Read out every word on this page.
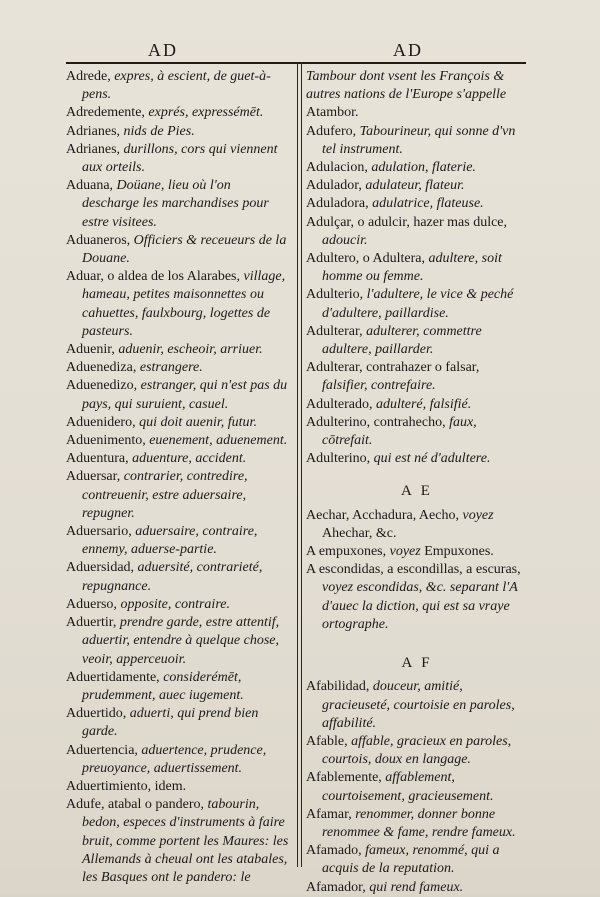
AD	AD

Adrede, expres, à escient, de guet-à-pens.

Adredemente, exprés, expressémēt.

Adrianes, nids de Pies.

Adrianes, durillons, cors qui viennent aux orteils.

Aduana, Doüane, lieu où l'on descharge les marchandises pour estre visitees.

Aduaneros, Officiers & receueurs de la Douane.

Aduar, o aldea de los Alarabes, village, hameau, petites maisonnettes ou cahuettes, faulxbourg, logettes de pasteurs.

Aduenir, aduenir, escheoir, arriuer.

Aduenediza, estrangere.

Aduenedizo, estranger, qui n'est pas du pays, qui suruient, casuel.

Aduenidero, qui doit auenir, futur.

Aduenimento, euenement, aduenement.

Aduentura, aduenture, accident.

Aduersar, contrarier, contredire, contreuenir, estre aduersaire, repugner.

Aduersario, aduersaire, contraire, ennemy, aduerse-partie.

Aduersidad, aduersité, contrarieté, repugnance.

Aduerso, opposite, contraire.

Aduertir, prendre garde, estre attentif, aduertir, entendre à quelque chose, veoir, apperceuoir.

Aduertidamente, considerémēt, prudemment, auec iugement.

Aduertido, aduerti, qui prend bien garde.

Aduertencia, aduertence, prudence, preuoyance, aduertissement.

Aduertimiento, idem.

Adufe, atabal o pandero, tabourin, bedon, especes d'instruments à faire bruit, comme portent les Maures: les Allemands à cheual ont les atabales, les Basques ont le pandero: le

Tambour dont vsent les François & autres nations de l'Europe s'appelle Atambor.

Adufero, Tabourineur, qui sonne d'vn tel instrument.

Adulacion, adulation, flaterie.

Adulador, adulateur, flateur.

Aduladora, adulatrice, flateuse.

Adulçar, o adulcir, hazer mas dulce, adoucir.

Adultero, o Adultera, adultere, soit homme ou femme.

Adulterio, l'adultere, le vice & peché d'adultere, paillardise.

Adulterar, adulterer, commettre adultere, paillarder.

Adulterar, contrahazer o falsar, falsifier, contrefaire.

Adulterado, adulteré, falsifié.

Adulterino, contrahecho, faux, cōtrefait.

Adulterino, qui est né d'adultere.

A E

Aechar, Acchadura, Aecho, voyez Ahechar, &c.

A empuxones, voyez Empuxones.

A escondidas, a escondillas, a escuras, voyez escondidas, &c. separant l'A d'auec la diction, qui est sa vraye ortographe.

A F

Afabilidad, douceur, amitié, graciеuseté, courtoisie en paroles, affabilité.

Afable, affable, gracieux en paroles, courtois, doux en langage.

Afablemente, affablement, courtoisement, gracieusement.

Afamar, renommer, donner bonne renommee & fame, rendre fameux.

Afamado, fameux, renommé, qui a acquis de la reputation.

Afamador, qui rend fameux.
